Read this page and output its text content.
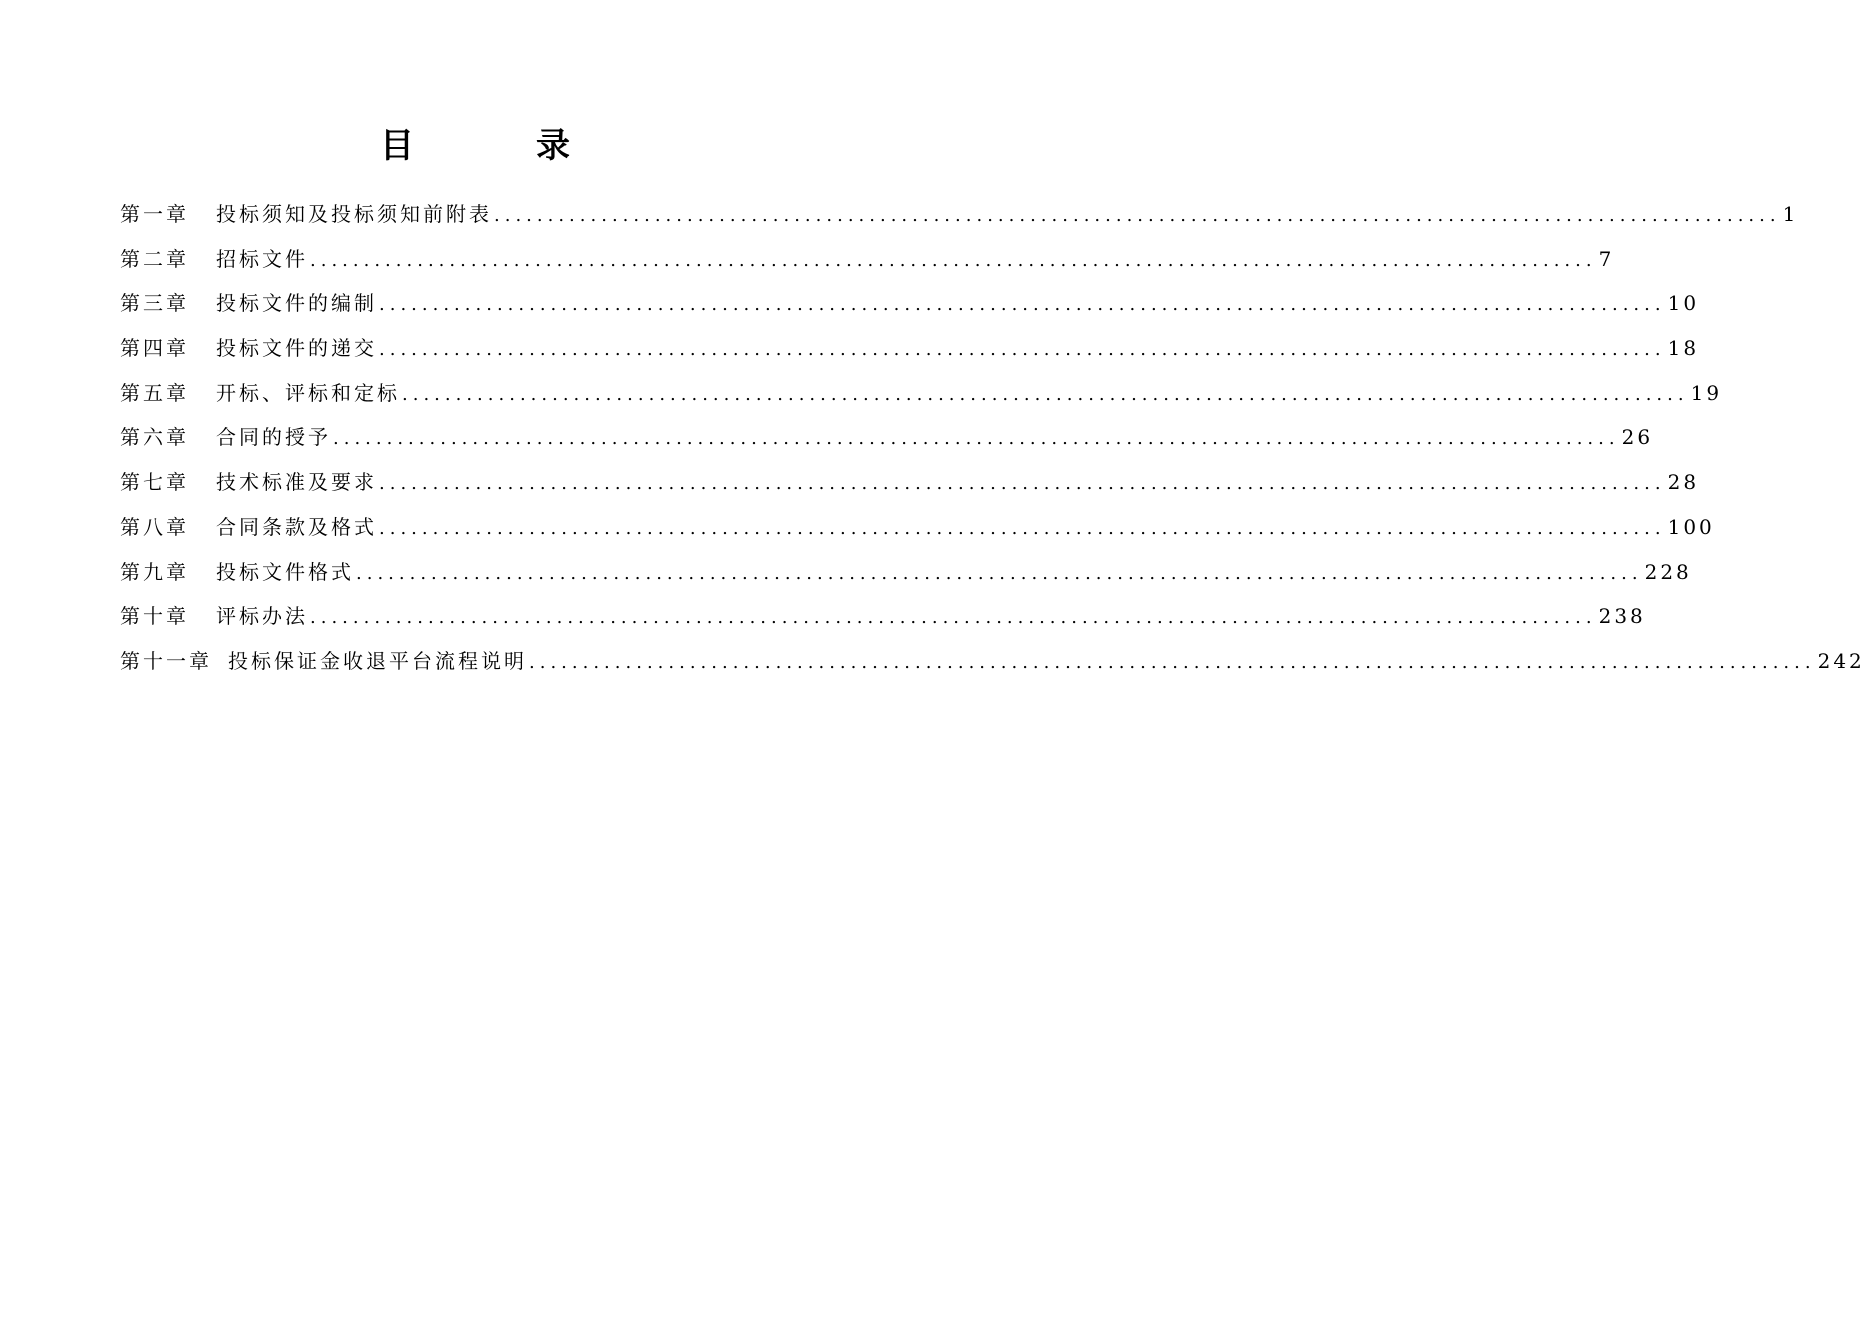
目　录
第一章	投标须知及投标须知前附表 ........................................................................................................................ 1
第二章	招标文件 ........................................................................................................................ 7
第三章	投标文件的编制 ........................................................................................................................ 10
第四章	投标文件的递交 ........................................................................................................................ 18
第五章	开标、评标和定标 ........................................................................................................................ 19
第六章	合同的授予 ........................................................................................................................ 26
第七章	技术标准及要求 ........................................................................................................................ 28
第八章	合同条款及格式 ........................................................................................................................ 100
第九章	投标文件格式 ........................................................................................................................ 228
第十章	评标办法 ........................................................................................................................ 238
第十一章 投标保证金收退平台流程说明 ........................................................................................................................ 242
